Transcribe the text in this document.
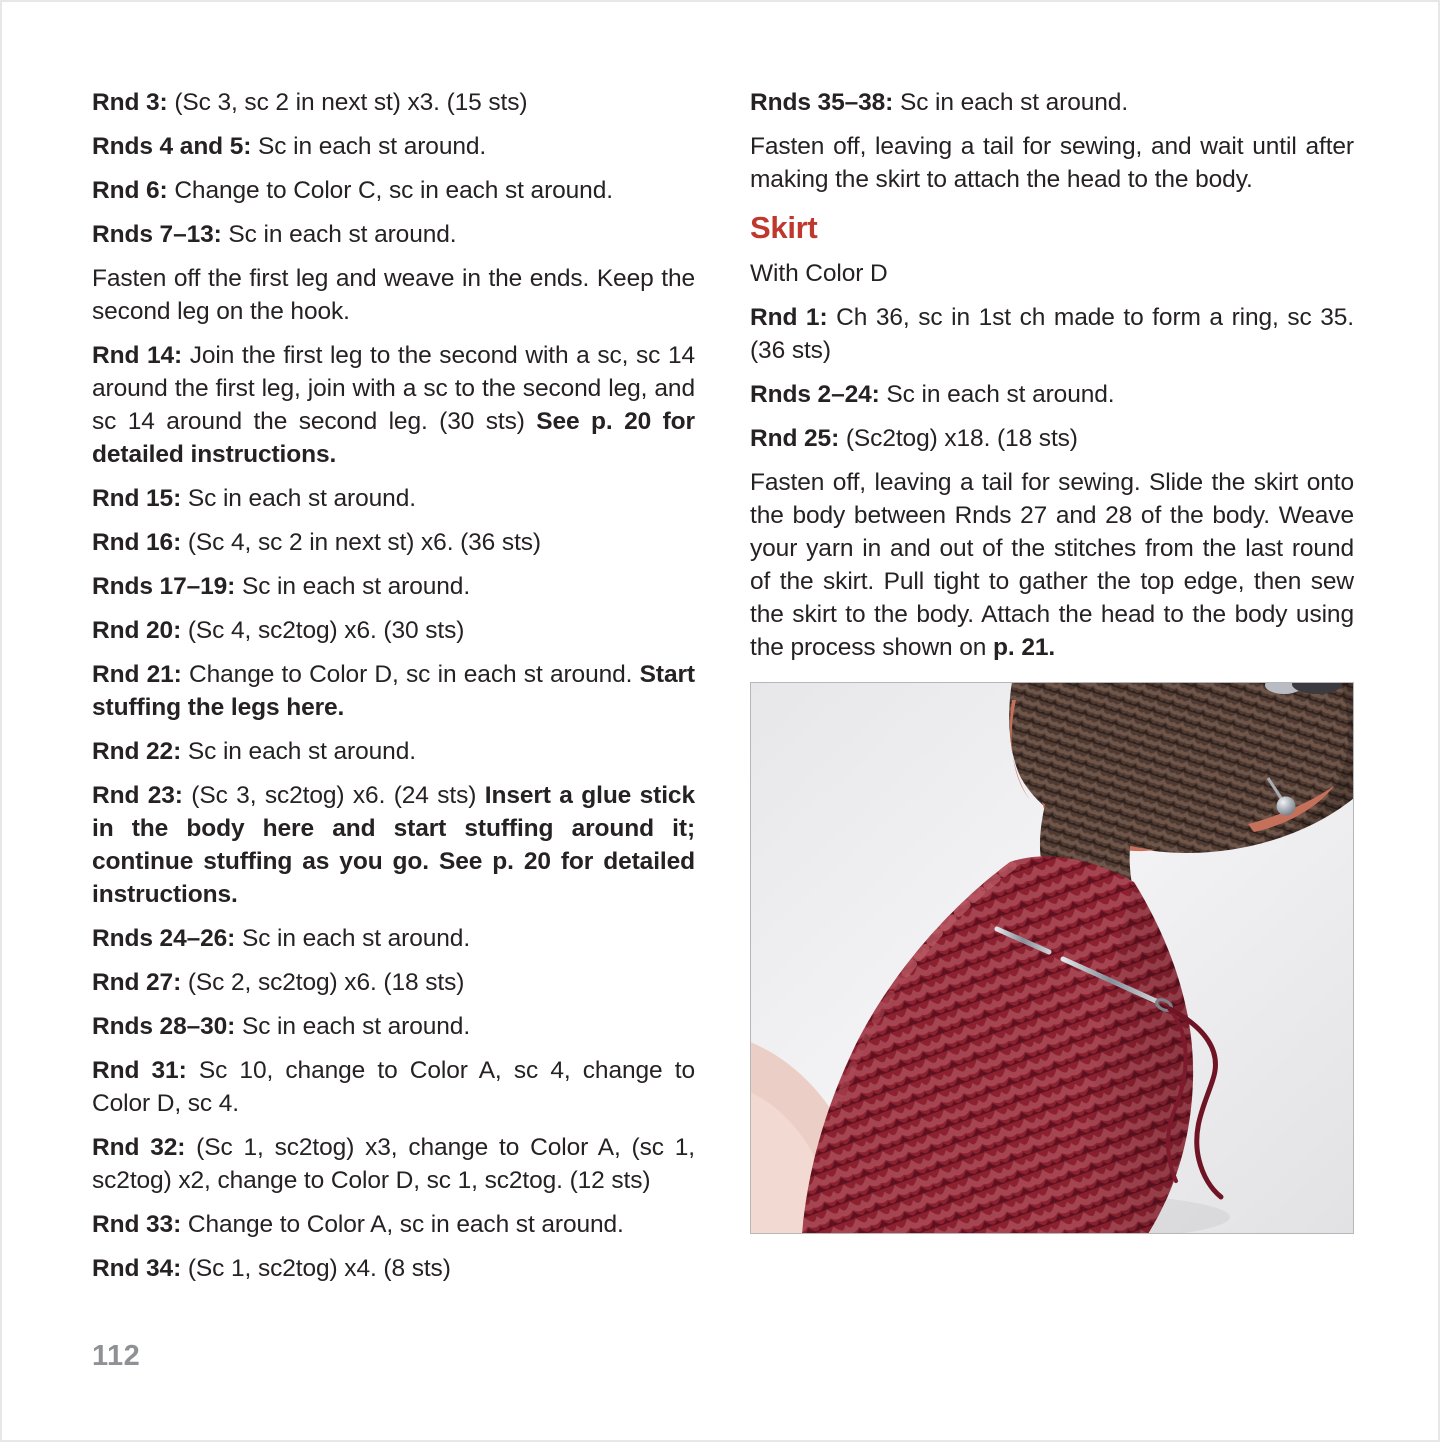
Rnd 3: (Sc 3, sc 2 in next st) x3. (15 sts)

Rnds 4 and 5: Sc in each st around.

Rnd 6: Change to Color C, sc in each st around.

Rnds 7–13: Sc in each st around.

Fasten off the first leg and weave in the ends. Keep the second leg on the hook.

Rnd 14: Join the first leg to the second with a sc, sc 14 around the first leg, join with a sc to the second leg, and sc 14 around the second leg. (30 sts) See p. 20 for detailed instructions.

Rnd 15: Sc in each st around.

Rnd 16: (Sc 4, sc 2 in next st) x6. (36 sts)

Rnds 17–19: Sc in each st around.

Rnd 20: (Sc 4, sc2tog) x6. (30 sts)

Rnd 21: Change to Color D, sc in each st around. Start stuffing the legs here.

Rnd 22: Sc in each st around.

Rnd 23: (Sc 3, sc2tog) x6. (24 sts) Insert a glue stick in the body here and start stuffing around it; continue stuffing as you go. See p. 20 for detailed instructions.

Rnds 24–26: Sc in each st around.

Rnd 27: (Sc 2, sc2tog) x6. (18 sts)

Rnds 28–30: Sc in each st around.

Rnd 31: Sc 10, change to Color A, sc 4, change to Color D, sc 4.

Rnd 32: (Sc 1, sc2tog) x3, change to Color A, (sc 1, sc2tog) x2, change to Color D, sc 1, sc2tog. (12 sts)

Rnd 33: Change to Color A, sc in each st around.

Rnd 34: (Sc 1, sc2tog) x4. (8 sts)

Rnds 35–38: Sc in each st around.

Fasten off, leaving a tail for sewing, and wait until after making the skirt to attach the head to the body.

Skirt

With Color D

Rnd 1: Ch 36, sc in 1st ch made to form a ring, sc 35. (36 sts)

Rnds 2–24: Sc in each st around.

Rnd 25: (Sc2tog) x18. (18 sts)

Fasten off, leaving a tail for sewing. Slide the skirt onto the body between Rnds 27 and 28 of the body. Weave your yarn in and out of the stitches from the last round of the skirt. Pull tight to gather the top edge, then sew the skirt to the body. Attach the head to the body using the process shown on p. 21.

112
